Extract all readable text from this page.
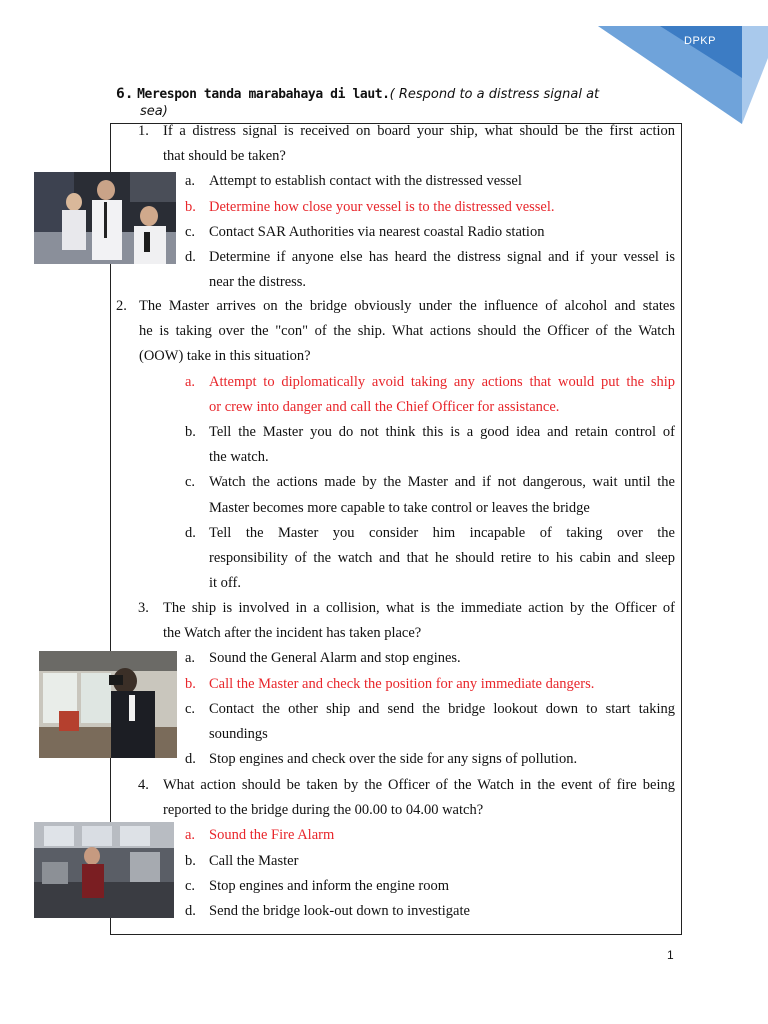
DPKP
6. Merespon tanda marabahaya di laut.( Respond to a distress signal at
sea)
1. If a distress signal is received on board your ship, what should be the first action
that should be taken?
a. Attempt to establish contact with the distressed vessel
b. Determine how close your vessel is to the distressed vessel.
c. Contact SAR Authorities via nearest coastal Radio station
d. Determine if anyone else has heard the distress signal and if your vessel is
near the distress.
2. The Master arrives on the bridge obviously under the influence of alcohol and states
he is taking over the "con" of the ship. What actions should the Officer of the Watch
(OOW) take in this situation?
a. Attempt to diplomatically avoid taking any actions that would put the ship
or crew into danger and call the Chief Officer for assistance.
b. Tell the Master you do not think this is a good idea and retain control of
the watch.
c. Watch the actions made by the Master and if not dangerous, wait until the
Master becomes more capable to take control or leaves the bridge
d. Tell the Master you consider him incapable of taking over the
responsibility of the watch and that he should retire to his cabin and sleep
it off.
3. The ship is involved in a collision, what is the immediate action by the Officer of
the Watch after the incident has taken place?
a. Sound the General Alarm and stop engines.
b. Call the Master and check the position for any immediate dangers.
c. Contact the other ship and send the bridge lookout down to start taking
soundings
d. Stop engines and check over the side for any signs of pollution.
4. What action should be taken by the Officer of the Watch in the event of fire being
reported to the bridge during the 00.00 to 04.00 watch?
a. Sound the Fire Alarm
b. Call the Master
c. Stop engines and inform the engine room
d. Send the bridge look-out down to investigate
1
